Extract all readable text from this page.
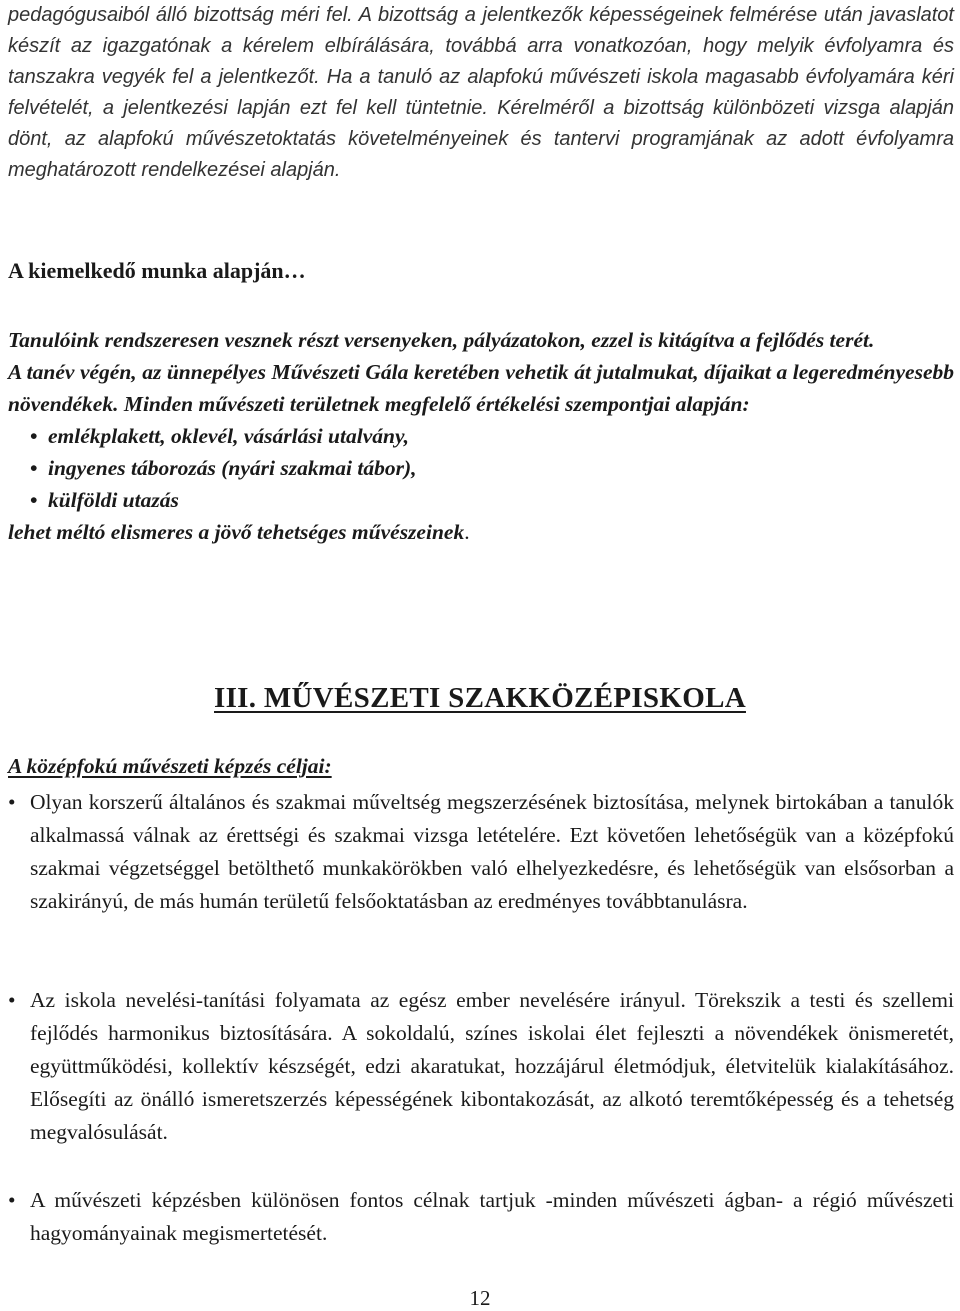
pedagógusaiból álló bizottság méri fel. A bizottság a jelentkezők képességeinek felmérése után javaslatot készít az igazgatónak a kérelem elbírálására, továbbá arra vonatkozóan, hogy melyik évfolyamra és tanszakra vegyék fel a jelentkezőt. Ha a tanuló az alapfokú művészeti iskola magasabb évfolyamára kéri felvételét, a jelentkezési lapján ezt fel kell tüntetnie. Kérelméről a bizottság különbözeti vizsga alapján dönt, az alapfokú művészetoktatás követelményeinek és tantervi programjának az adott évfolyamra meghatározott rendelkezései alapján.

A kiemelkedő munka alapján…

Tanulóink rendszeresen vesznek részt versenyeken, pályázatokon, ezzel is kitágítva a fejlődés terét.

A tanév végén, az ünnepélyes Művészeti Gála keretében vehetik át jutalmukat, díjaikat a legeredményesebb növendékek. Minden művészeti területnek megfelelő értékelési szempontjai alapján:

• emlékplakett, oklevél, vásárlási utalvány,
• ingyenes táborozás (nyári szakmai tábor),
• külföldi utazás

lehet méltó elismeres a jövő tehetséges művészeinek.

III. MŰVÉSZETI SZAKKÖZÉPISKOLA

A középfokú művészeti képzés céljai:

• Olyan korszerű általános és szakmai műveltség megszerzésének biztosítása, melynek birtokában a tanulók alkalmassá válnak az érettségi és szakmai vizsga letételére. Ezt követően lehetőségük van a középfokú szakmai végzetséggel betölthető munkakörökben való elhelyezkedésre, és lehetőségük van elsősorban a szakirányú, de más humán területű felsőoktatásban az eredményes továbbtanulásra.

• Az iskola nevelési-tanítási folyamata az egész ember nevelésére irányul. Törekszik a testi és szellemi fejlődés harmonikus biztosítására. A sokoldalú, színes iskolai élet fejleszti a növendékek önismeretét, együttműködési, kollektív készségét, edzi akaratukat, hozzájárul életmódjuk, életvitelük kialakításához. Elősegíti az önálló ismeretszerzés képességének kibontakozását, az alkotó teremtőképesség és a tehetség megvalósulását.

• A művészeti képzésben különösen fontos célnak tartjuk -minden művészeti ágban- a régió művészeti hagyományainak megismertetését.

12
